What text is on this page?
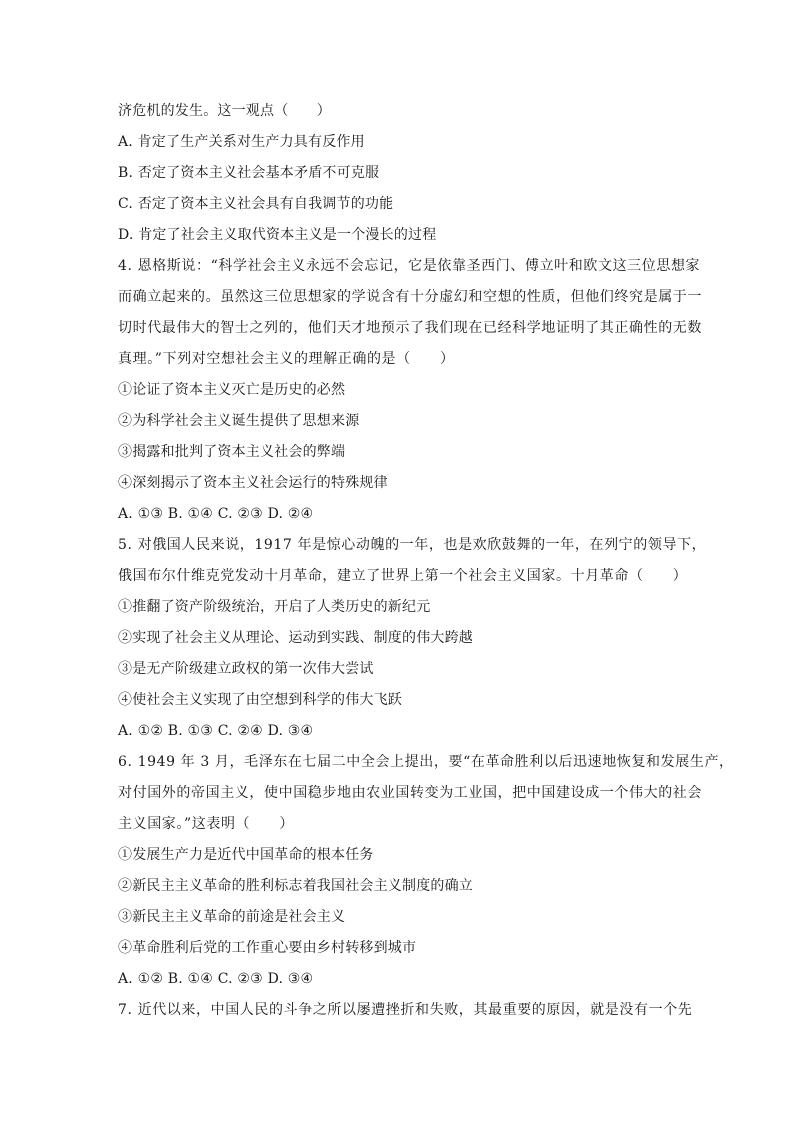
济危机的发生。这一观点（　　）
A. 肯定了生产关系对生产力具有反作用
B. 否定了资本主义社会基本矛盾不可克服
C. 否定了资本主义社会具有自我调节的功能
D. 肯定了社会主义取代资本主义是一个漫长的过程
4. 恩格斯说：“科学社会主义永远不会忘记，它是依靠圣西门、傅立叶和欧文这三位思想家
而确立起来的。虽然这三位思想家的学说含有十分虚幻和空想的性质，但他们终究是属于一
切时代最伟大的智士之列的，他们天才地预示了我们现在已经科学地证明了其正确性的无数
真理。”下列对空想社会主义的理解正确的是（　　）
①论证了资本主义灭亡是历史的必然
②为科学社会主义诞生提供了思想来源
③揭露和批判了资本主义社会的弊端
④深刻揭示了资本主义社会运行的特殊规律
A. ①③ B. ①④ C. ②③ D. ②④
5. 对俄国人民来说，1917 年是惊心动魄的一年，也是欢欣鼓舞的一年，在列宁的领导下，
俄国布尔什维克党发动十月革命，建立了世界上第一个社会主义国家。十月革命（　　）
①推翻了资产阶级统治，开启了人类历史的新纪元
②实现了社会主义从理论、运动到实践、制度的伟大跨越
③是无产阶级建立政权的第一次伟大尝试
④使社会主义实现了由空想到科学的伟大飞跃
A. ①② B. ①③ C. ②④ D. ③④
6. 1949 年 3 月，毛泽东在七届二中全会上提出，要“在革命胜利以后迅速地恢复和发展生产，
对付国外的帝国主义，使中国稳步地由农业国转变为工业国，把中国建设成一个伟大的社会
主义国家。”这表明（　　）
①发展生产力是近代中国革命的根本任务
②新民主主义革命的胜利标志着我国社会主义制度的确立
③新民主主义革命的前途是社会主义
④革命胜利后党的工作重心要由乡村转移到城市
A. ①② B. ①④ C. ②③ D. ③④
7. 近代以来，中国人民的斗争之所以屡遭挫折和失败，其最重要的原因，就是没有一个先
